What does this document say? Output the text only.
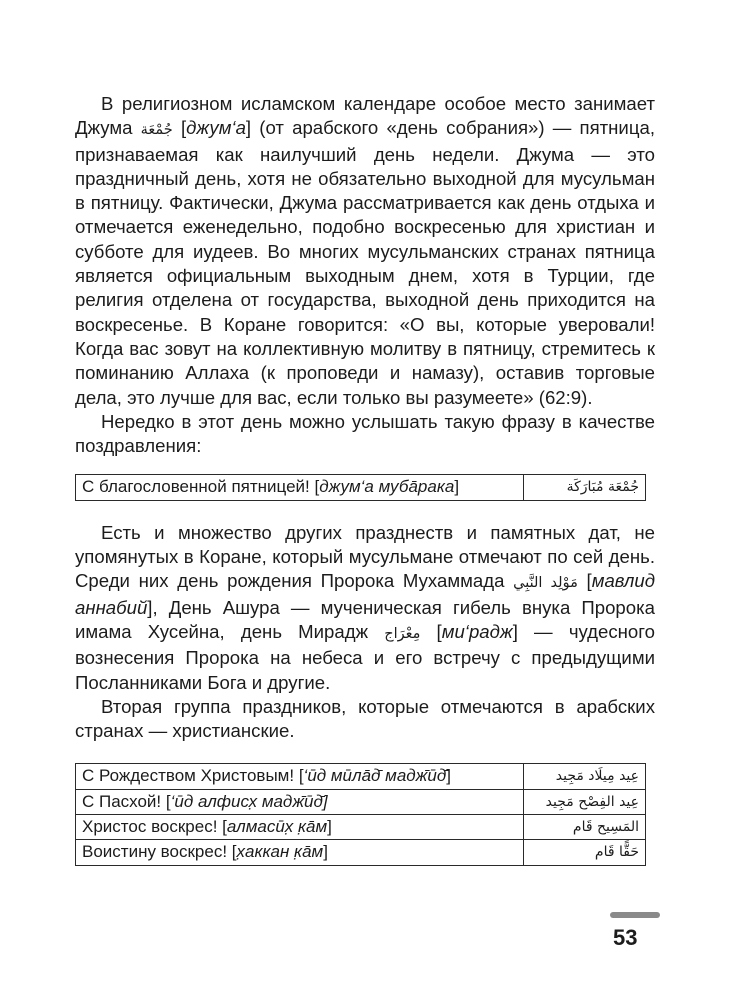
В религиозном исламском календаре особое место занимает Джума جُمْعَة [джум‘а] (от арабского «день собрания») — пятница, признаваемая как наилучший день недели. Джума — это праздничный день, хотя не обязательно выходной для мусульман в пятницу. Фактически, Джума рассматривается как день отдыха и отмечается еженедельно, подобно воскресенью для христиан и субботе для иудеев. Во многих мусульманских странах пятница является официальным выходным днем, хотя в Турции, где религия отделена от государства, выходной день приходится на воскресенье. В Коране говорится: «О вы, которые уверовали! Когда вас зовут на коллективную молитву в пятницу, стремитесь к поминанию Аллаха (к проповеди и намазу), оставив торговые дела, это лучше для вас, если только вы разумеете» (62:9).

Нередко в этот день можно услышать такую фразу в качестве поздравления:

С благословенной пятницей! [джум‘а мубāрака]	جُمْعَة مُبَارَكَة

Есть и множество других празднеств и памятных дат, не упомянутых в Коране, который мусульмане отмечают по сей день. Среди них день рождения Пророка Мухаммада مَوْلِد النَّبِي [мавлид аннабий], День Ашура — мученическая гибель внука Пророка имама Хусейна, день Мирадж مِعْرَاج [ми‘радж] — чудесного вознесения Пророка на небеса и его встречу с предыдущими Посланниками Бога и другие.

Вторая группа праздников, которые отмечаются в арабских странах — христианские.

С Рождеством Христовым! [‘ӣд мӣлāд̄ мадж̄ӣд̄]	عِيد مِيلَاد مَجِيد
С Пасхой! [‘ӣд алфисх̣ мадж̄ӣд̄]	عِيد الفِصْح مَجِيد
Христос воскрес! [алмасӣх̣ к̣āм]	المَسِيح قَام
Воистину воскрес! [х̣аккан к̣āм]	حَقًّا قَام
53
